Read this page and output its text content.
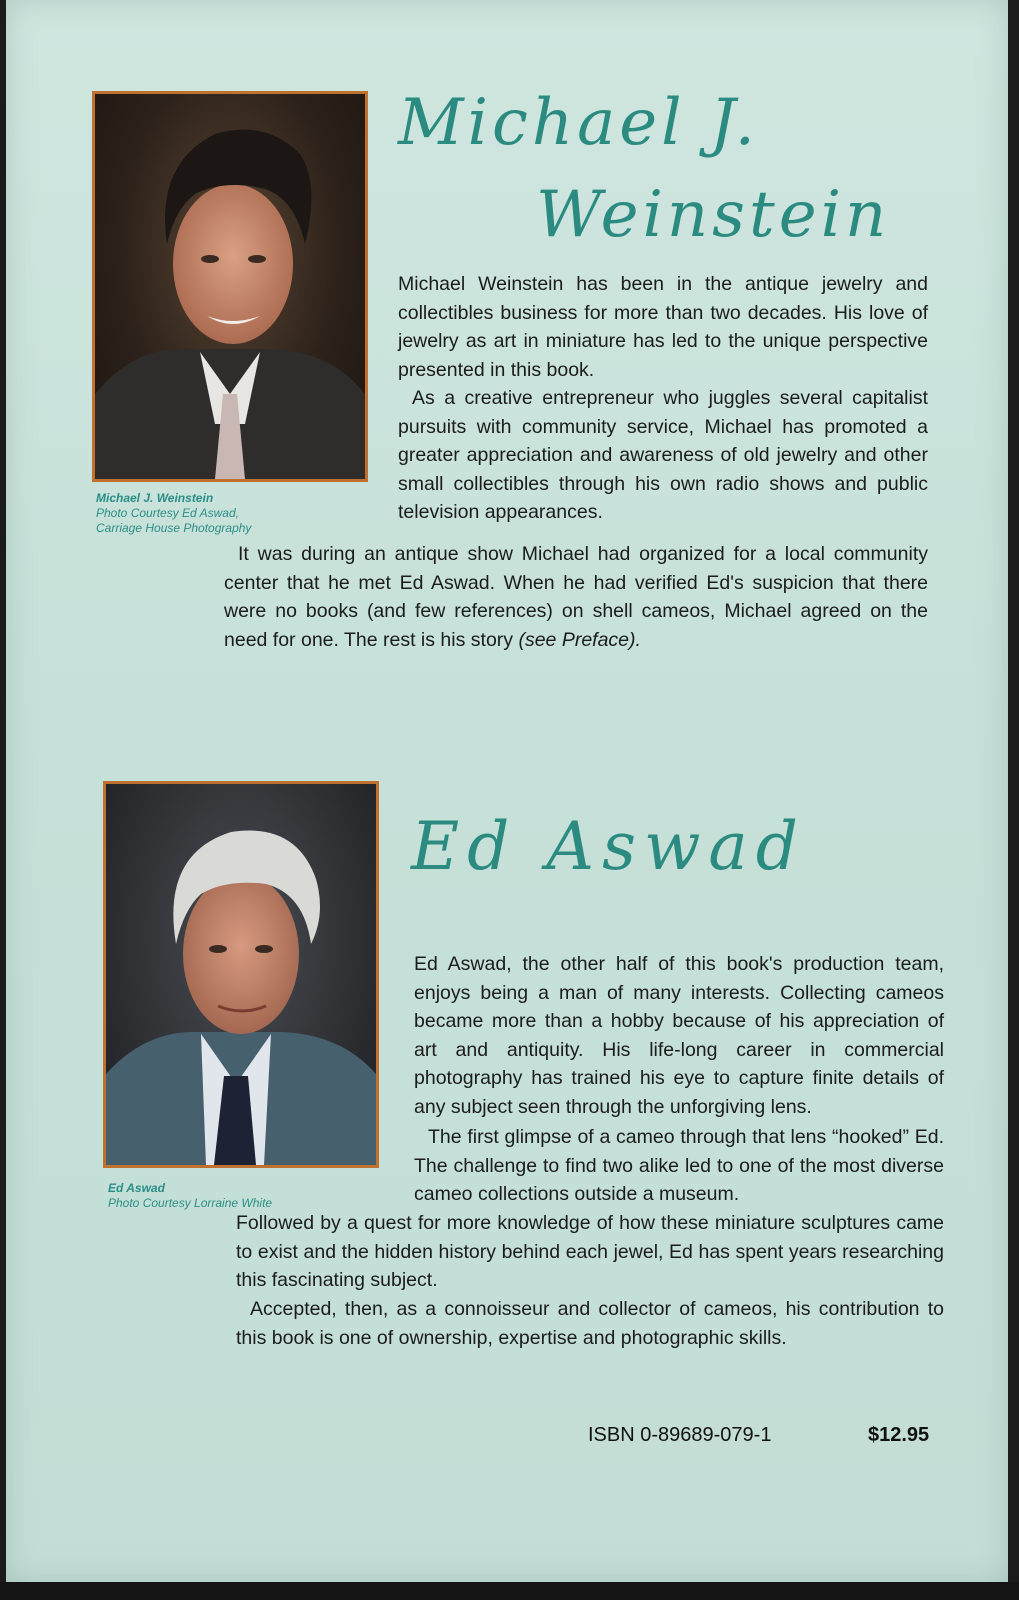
Michael J. Weinstein
Photo Courtesy Ed Aswad,
Carriage House Photography
Michael J.
Weinstein

Michael Weinstein has been in the antique jewelry and collectibles business for more than two decades. His love of jewelry as art in miniature has led to the unique perspective presented in this book.

As a creative entrepreneur who juggles several capitalist pursuits with community service, Michael has promoted a greater appreciation and awareness of old jewelry and other small collectibles through his own radio shows and public television appearances.

It was during an antique show Michael had organized for a local community center that he met Ed Aswad. When he had verified Ed's suspicion that there were no books (and few references) on shell cameos, Michael agreed on the need for one. The rest is his story (see Preface).

Ed Aswad
Photo Courtesy Lorraine White
Ed Aswad

Ed Aswad, the other half of this book's production team, enjoys being a man of many interests. Collecting cameos became more than a hobby because of his appreciation of art and antiquity. His life-long career in commercial photography has trained his eye to capture finite details of any subject seen through the unforgiving lens.

The first glimpse of a cameo through that lens “hooked” Ed. The challenge to find two alike led to one of the most diverse cameo collections outside a museum.

Followed by a quest for more knowledge of how these miniature sculptures came to exist and the hidden history behind each jewel, Ed has spent years researching this fascinating subject.

Accepted, then, as a connoisseur and collector of cameos, his contribution to this book is one of ownership, expertise and photographic skills.

ISBN 0-89689-079-1	$12.95
